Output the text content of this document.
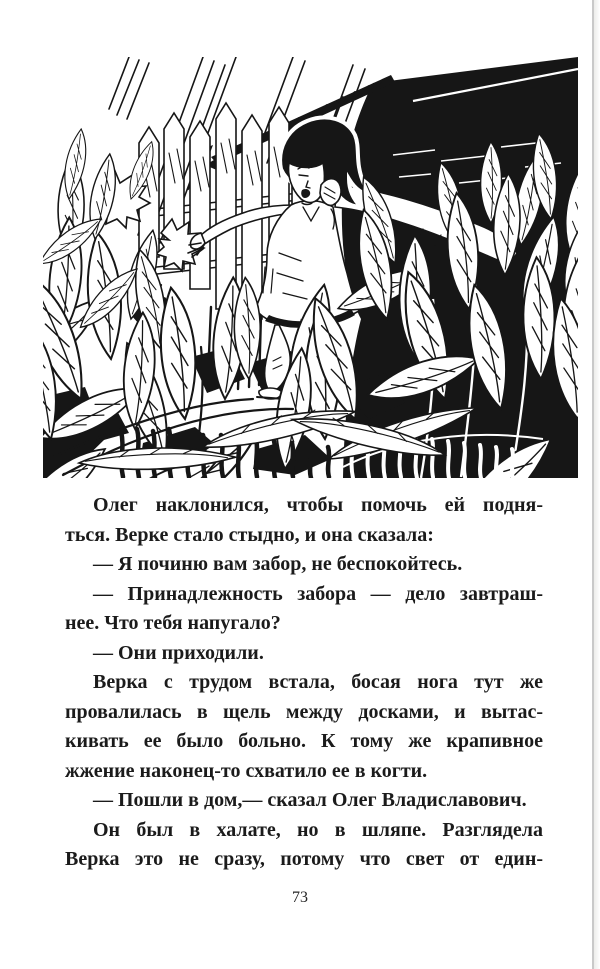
Олег наклонился, чтобы помочь ей подня-

ться. Верке стало стыдно, и она сказала:

— Я починю вам забор, не беспокойтесь.

— Принадлежность забора — дело завтраш-

нее. Что тебя напугало?

— Они приходили.

Верка с трудом встала, босая нога тут же

провалилась в щель между досками, и вытас-

кивать ее было больно. К тому же крапивное

жжение наконец-то схватило ее в когти.

— Пошли в дом,— сказал Олег Владиславович.

Он был в халате, но в шляпе. Разглядела

Верка это не сразу, потому что свет от един-

73
